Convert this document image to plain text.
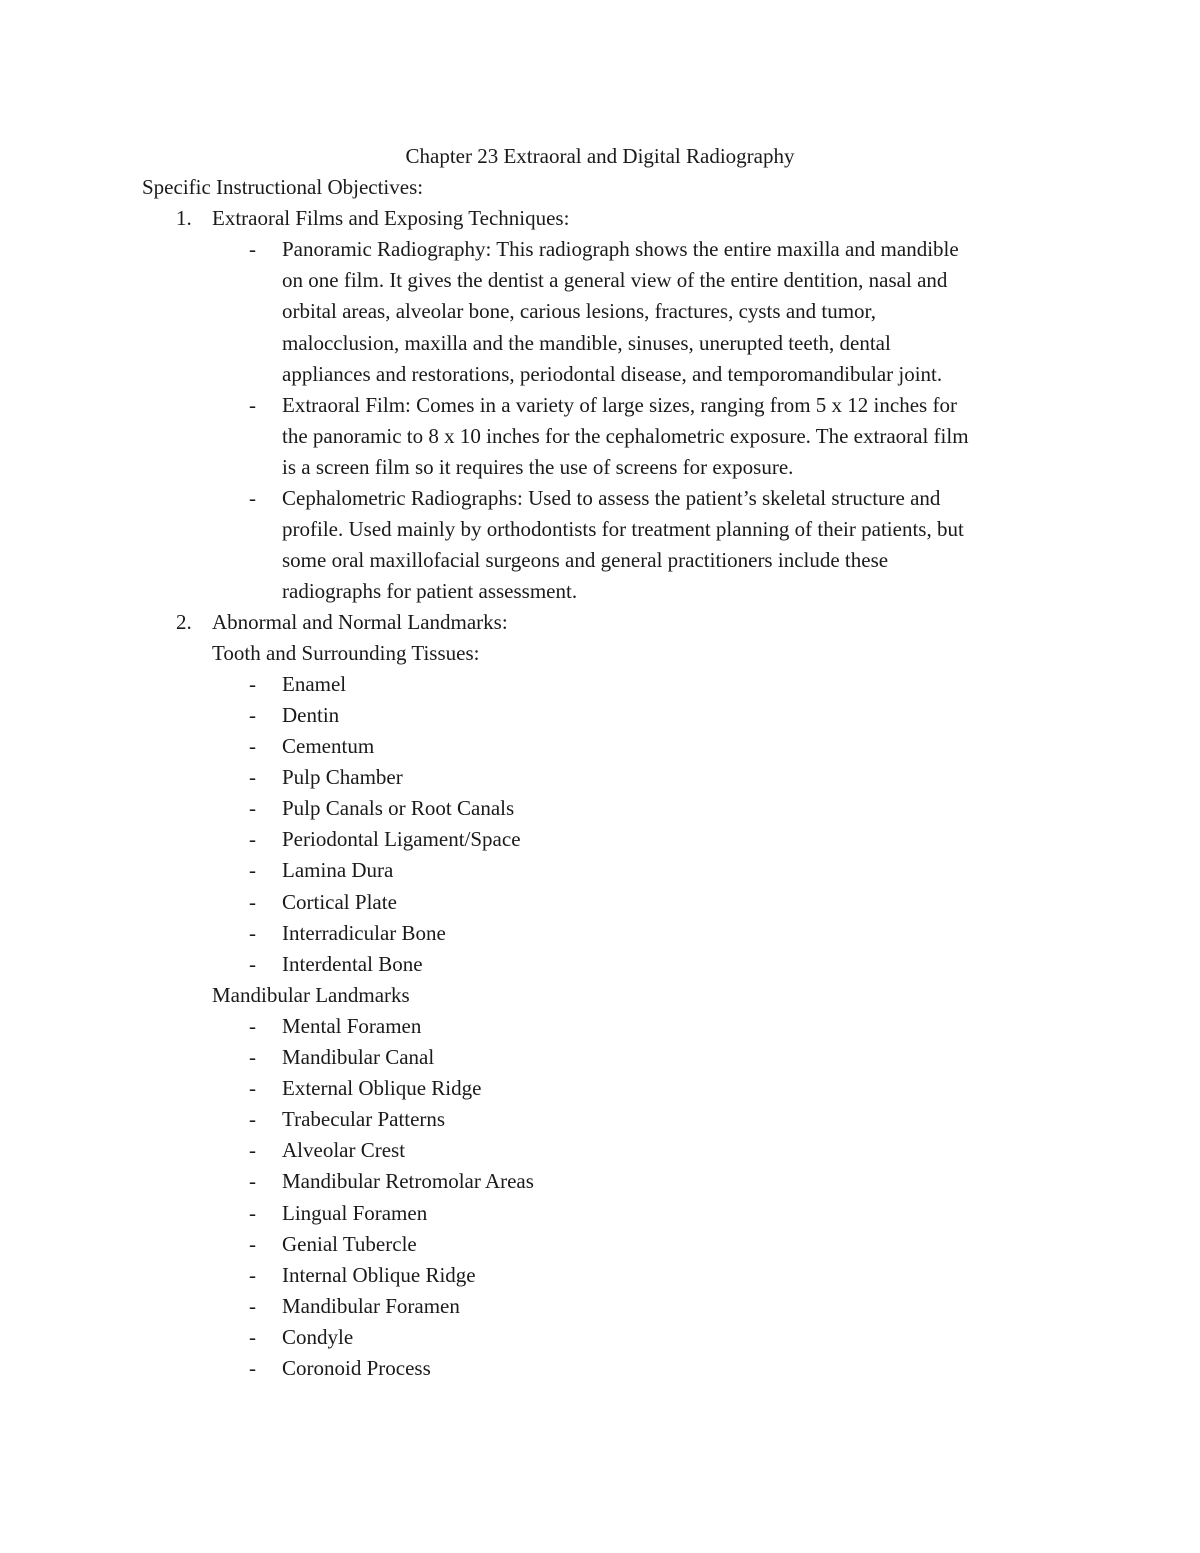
Chapter 23 Extraoral and Digital Radiography
Specific Instructional Objectives:
1. Extraoral Films and Exposing Techniques:
- Panoramic Radiography: This radiograph shows the entire maxilla and mandible
on one film. It gives the dentist a general view of the entire dentition, nasal and
orbital areas, alveolar bone, carious lesions, fractures, cysts and tumor,
malocclusion, maxilla and the mandible, sinuses, unerupted teeth, dental
appliances and restorations, periodontal disease, and temporomandibular joint.
- Extraoral Film: Comes in a variety of large sizes, ranging from 5 x 12 inches for
the panoramic to 8 x 10 inches for the cephalometric exposure. The extraoral film
is a screen film so it requires the use of screens for exposure.
- Cephalometric Radiographs: Used to assess the patient’s skeletal structure and
profile. Used mainly by orthodontists for treatment planning of their patients, but
some oral maxillofacial surgeons and general practitioners include these
radiographs for patient assessment.
2. Abnormal and Normal Landmarks:
Tooth and Surrounding Tissues:
- Enamel
- Dentin
- Cementum
- Pulp Chamber
- Pulp Canals or Root Canals
- Periodontal Ligament/Space
- Lamina Dura
- Cortical Plate
- Interradicular Bone
- Interdental Bone
Mandibular Landmarks
- Mental Foramen
- Mandibular Canal
- External Oblique Ridge
- Trabecular Patterns
- Alveolar Crest
- Mandibular Retromolar Areas
- Lingual Foramen
- Genial Tubercle
- Internal Oblique Ridge
- Mandibular Foramen
- Condyle
- Coronoid Process
